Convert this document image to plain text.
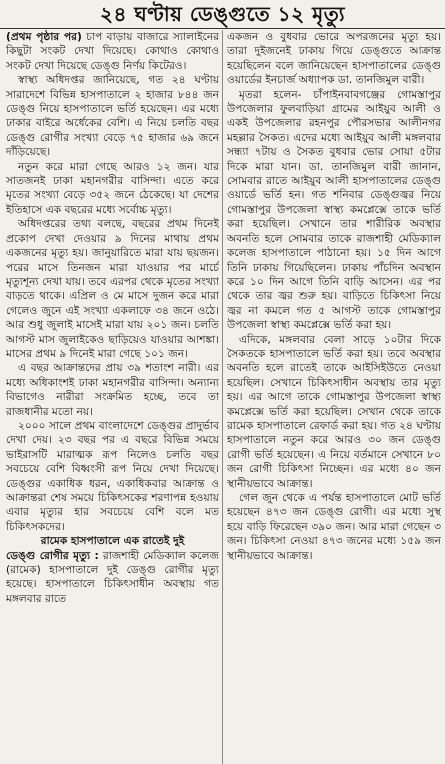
২৪ ঘণ্টায় ডেঙ্গুতে ১২ মৃত্যু

(প্রথম পৃষ্ঠার পর) চাপ বাড়ায় বাজারে স্যালাইনের কিছুটা সংকট দেখা দিয়েছে। কোথাও কোথাও সংকট দেখা দিয়েছে ডেঙ্গু নির্ণয় কিটেরও।

স্বাস্থ্য অধিদপ্তর জানিয়েছে, গত ২৪ ঘণ্টায় সারাদেশে বিভিন্ন হাসপাতালে ২ হাজার ৮৪৪ জন ডেঙ্গু নিয়ে হাসপাতালে ভর্তি হয়েছেন। এর মধ্যে ঢাকার বাইরে অর্ধেকের বেশি। এ নিয়ে চলতি বছর ডেঙ্গু রোগীর সংখ্যা বেড়ে ৭৫ হাজার ৬৯ জনে দাঁড়িয়েছে।

নতুন করে মারা গেছে আরও ১২ জন। যার সাতজনই ঢাকা মহানগরীর বাসিন্দা। এতে করে মৃতের সংখ্যা বেড়ে ৩৫২ জনে ঠেকেছে। যা দেশের ইতিহাসে এক বছরের মধ্যে সর্বোচ্চ মৃত্যু।

অধিদপ্তরের তথ্য বলছে, বছরের প্রথম দিনেই প্রকোপ দেখা দেওয়ার ৯ দিনের মাথায় প্রথম একজনের মৃত্যু হয়। জানুয়ারিতে মারা যায় ছয়জন। পরের মাসে তিনজন মারা যাওয়ার পর মার্চে মৃত্যুশূন্য দেখা যায়। তবে এরপর থেকে মৃতের সংখ্যা বাড়তে থাকে। এপ্রিল ও মে মাসে দুজন করে মারা গেলেও জুনে এই সংখ্যা একলাফে ৩৪ জনে ওঠে। আর শুধু জুলাই মাসেই মারা যায় ২০১ জন। চলতি আগস্ট মাস জুলাইকেও ছাড়িয়েও যাওয়ার আশঙ্কা। মাসের প্রথম ৯ দিনেই মারা গেছে ১০১ জন।

এ বছর আক্রান্তদের প্রায় ৩৯ শতাংশ নারী। এর মধ্যে অধিকাংশই ঢাকা মহানগরীর বাসিন্দা। অন্যান্য বিভাগেও নারীরা সংক্রমিত হচ্ছে, তবে তা রাজধানীর মতো নয়।

২০০০ সালে প্রথম বাংলাদেশে ডেঙ্গুর প্রাদুর্ভাব দেখা দেয়। ২৩ বছর পর এ বছরে বিভিন্ন সময়ে ভাইরাসটি মারাত্মক রূপ নিলেও চলতি বছর সবচেয়ে বেশি বিধ্বংসী রূপ নিয়ে দেখা দিয়েছে। ডেঙ্গুর একাধিক ধরন, একাধিকবার আক্রান্ত ও আক্রান্তরা শেষ সময়ে চিকিৎসকের শরণাপন্ন হওয়ায় এবার মৃত্যুর হার সবচেয়ে বেশি বলে মত চিকিৎসকদের।

রামেক হাসপাতালে এক রাতেই দুই

ডেঙ্গু রোগীর মৃত্যু : রাজশাহী মেডিক্যাল কলেজ (রামেক) হাসপাতালে দুই ডেঙ্গু রোগীর মৃত্যু হয়েছে। হাসপাতালে চিকিৎসাধীন অবস্থায় গত মঙ্গলবার রাতে

একজন ও বুধবার ভোরে অপরজনের মৃত্যু হয়। তারা দুইজনেই ঢাকায় গিয়ে ডেঙ্গুতে আক্রান্ত হয়েছিলেন বলে জানিয়েছেন হাসপাতালের ডেঙ্গু ওয়ার্ডের ইনচার্জ অধ্যাপক ডা. তানজিমুল বারী।

মৃতরা হলেন- চাঁপাইনবাবগঞ্জের গোমস্তাপুর উপজেলার ফুলবাড়িয়া গ্রামের আইয়ুব আলী ও একই উপজেলার রহনপুর পৌরসভার আলীনগর মহল্লার সৈকত। এদের মধ্যে আইয়ুব আলী মঙ্গলবার সন্ধ্যা ৭টায় ও সৈকত বুধবার ভোর সোয়া ৫টার দিকে মারা যান। ডা. তানজিমুল বারী জানান, সোমবার রাতে আইয়ুব আলী হাসপাতালের ডেঙ্গু ওয়ার্ডে ভর্তি হন। গত শনিবার ডেঙ্গুজ্বর নিয়ে গোমস্তাপুর উপজেলা স্বাস্থ্য কমপ্লেক্সে তাকে ভর্তি করা হয়েছিল। সেখানে তার শারীরিক অবস্থার অবনতি হলে সোমবার তাকে রাজশাহী মেডিক্যাল কলেজ হাসপাতালে পাঠানো হয়। ১৫ দিন আগে তিনি ঢাকায় গিয়েছিলেন। ঢাকায় পাঁচদিন অবস্থান করে ১০ দিন আগে তিনি বাড়ি আসেন। এর পর থেকে তার জ্বর শুরু হয়। বাড়িতে চিকিৎসা নিয়ে জ্বর না কমলে গত ৫ আগস্ট তাকে গোমস্তাপুর উপজেলা স্বাস্থ্য কমপ্লেক্সে ভর্তি করা হয়।

এদিকে, মঙ্গলবার বেলা সাড়ে ১০টার দিকে সৈকতকে হাসপাতালে ভর্তি করা হয়। তবে অবস্থার অবনতি হলে রাতেই তাকে আইসিইউতে নেওয়া হয়েছিল। সেখানে চিকিৎসাধীন অবস্থায় তার মৃত্যু হয়। এর আগে তাকে গোমস্তাপুর উপজেলা স্বাস্থ্য কমপ্লেক্সে ভর্তি করা হয়েছিল। সেখান থেকে তাকে রামেক হাসপাতালে রেফার্ড করা হয়। গত ২৪ ঘণ্টায় হাসপাতালে নতুন করে আরও ৩০ জন ডেঙ্গু রোগী ভর্তি হয়েছেন। এ নিয়ে বর্তমানে সেখানে ৮০ জন রোগী চিকিৎসা নিচ্ছেন। এর মধ্যে ৪০ জন স্থানীয়ভাবে আক্রান্ত।

গেল জুন থেকে এ পর্যন্ত হাসপাতালে মোট ভর্তি হয়েছেন ৪৭৩ জন ডেঙ্গু রোগী। এর মধ্যে সুস্থ হয়ে বাড়ি ফিরেছেন ৩৯০ জন। আর মারা গেছেন ৩ জন। চিকিৎসা নেওয়া ৪৭৩ জনের মধ্যে ১৫৯ জন স্থানীয়ভাবে আক্রান্ত।
